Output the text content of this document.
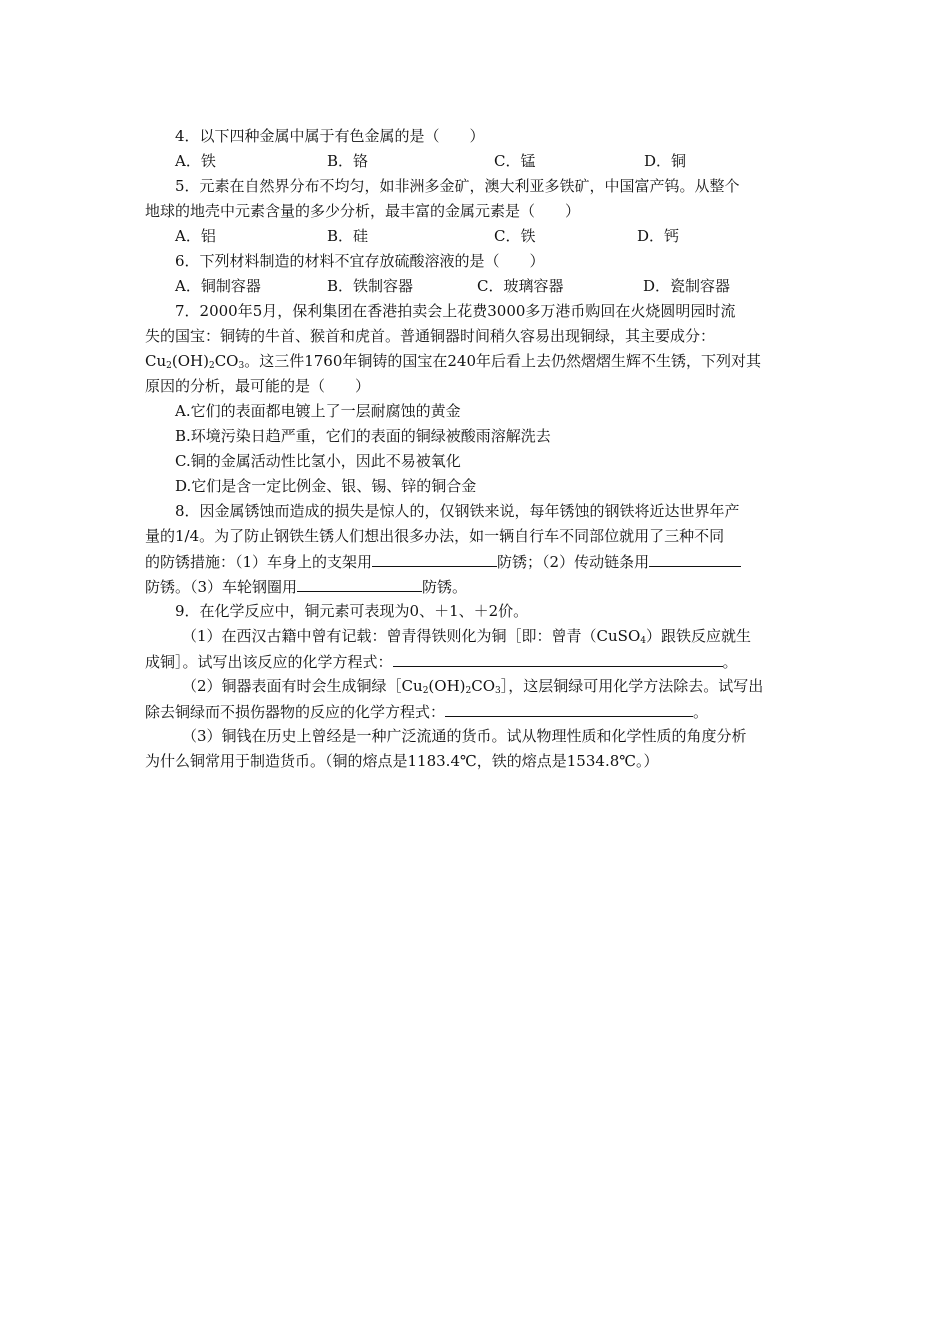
4．以下四种金属中属于有色金属的是（　　）
A．铁	B．铬	C．锰	D．铜
5．元素在自然界分布不均匀，如非洲多金矿，澳大利亚多铁矿，中国富产钨。从整个
地球的地壳中元素含量的多少分析，最丰富的金属元素是（　　）
A．铝	B．硅	C．铁	D．钙
6．下列材料制造的材料不宜存放硫酸溶液的是（　　）
A．铜制容器	B．铁制容器	C．玻璃容器	D．瓷制容器
7．2000年5月，保利集团在香港拍卖会上花费3000多万港币购回在火烧圆明园时流
失的国宝：铜铸的牛首、猴首和虎首。普通铜器时间稍久容易出现铜绿，其主要成分：
$Cu_2(OH)_2CO_3$。这三件1760年铜铸的国宝在240年后看上去仍然熠熠生辉不生锈，下列对其
原因的分析，最可能的是（　　）
A.它们的表面都电镀上了一层耐腐蚀的黄金
B.环境污染日趋严重，它们的表面的铜绿被酸雨溶解洗去
C.铜的金属活动性比氢小，因此不易被氧化
D.它们是含一定比例金、银、锡、锌的铜合金
8．因金属锈蚀而造成的损失是惊人的，仅钢铁来说，每年锈蚀的钢铁将近达世界年产
量的1/4。为了防止钢铁生锈人们想出很多办法，如一辆自行车不同部位就用了三种不同
的防锈措施：（1）车身上的支架用	防锈；（2）传动链条用
防锈。（3）车轮钢圈用	防锈。
9．在化学反应中，铜元素可表现为0、＋1、＋2价。
（1）在西汉古籍中曾有记载：曾青得铁则化为铜［即：曾青（CuSO$_4$）跟铁反应就生
成铜］。试写出该反应的化学方程式：	。
（2）铜器表面有时会生成铜绿$[Cu_2(OH)_2CO_3]$，这层铜绿可用化学方法除去。试写出
除去铜绿而不损伤器物的反应的化学方程式：	。
（3）铜钱在历史上曾经是一种广泛流通的货币。试从物理性质和化学性质的角度分析
为什么铜常用于制造货币。（铜的熔点是1183.4℃，铁的熔点是1534.8℃。）
